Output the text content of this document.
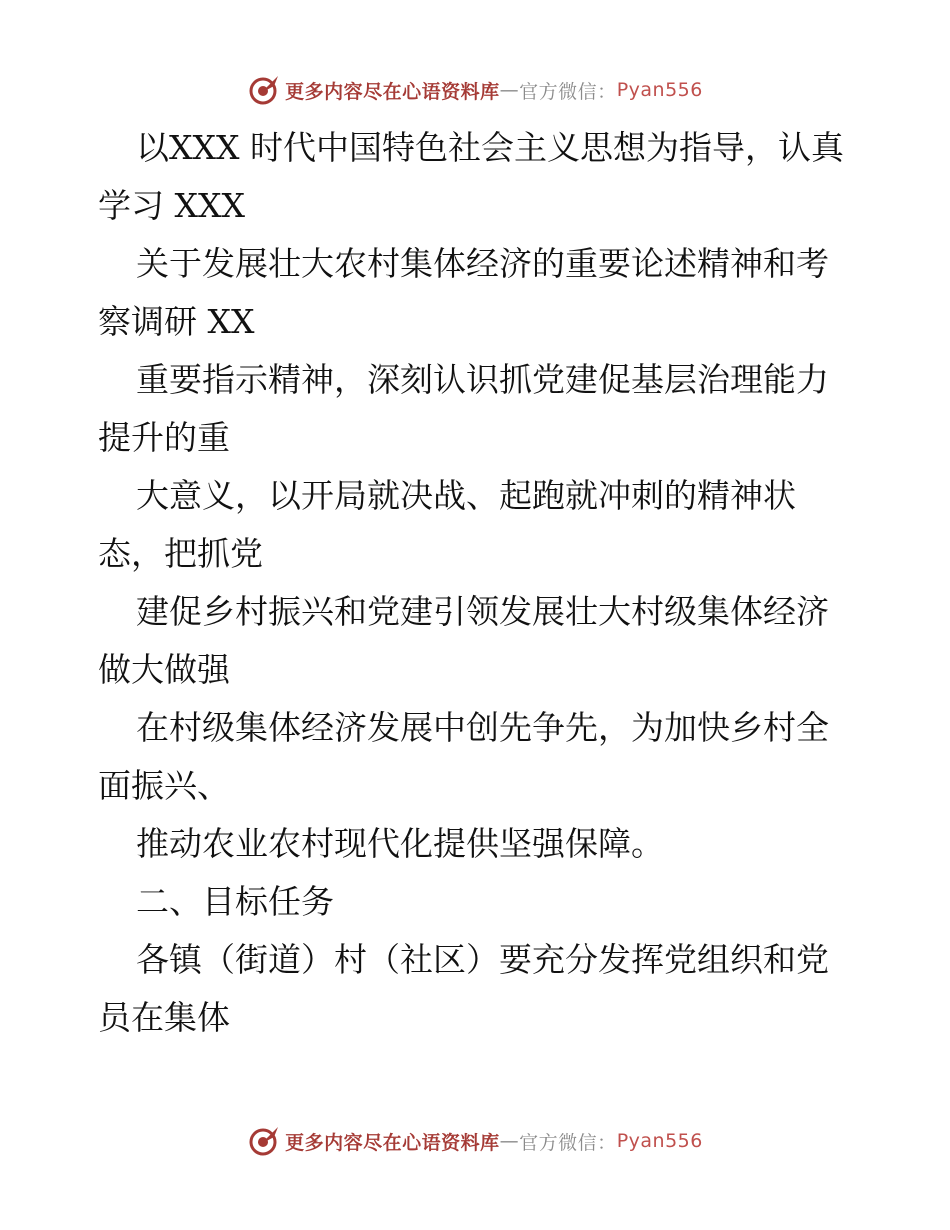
更多内容尽在心语资料库 — 官方微信： Pyan556

以XXX 时代中国特色社会主义思想为指导，认真学习 XXX

关于发展壮大农村集体经济的重要论述精神和考察调研 XX

重要指示精神，深刻认识抓党建促基层治理能力提升的重

大意义，以开局就决战、起跑就冲刺的精神状态，把抓党

建促乡村振兴和党建引领发展壮大村级集体经济做大做强

在村级集体经济发展中创先争先，为加快乡村全面振兴、

推动农业农村现代化提供坚强保障。

二、目标任务

各镇（街道）村（社区）要充分发挥党组织和党员在集体

更多内容尽在心语资料库 — 官方微信： Pyan556
